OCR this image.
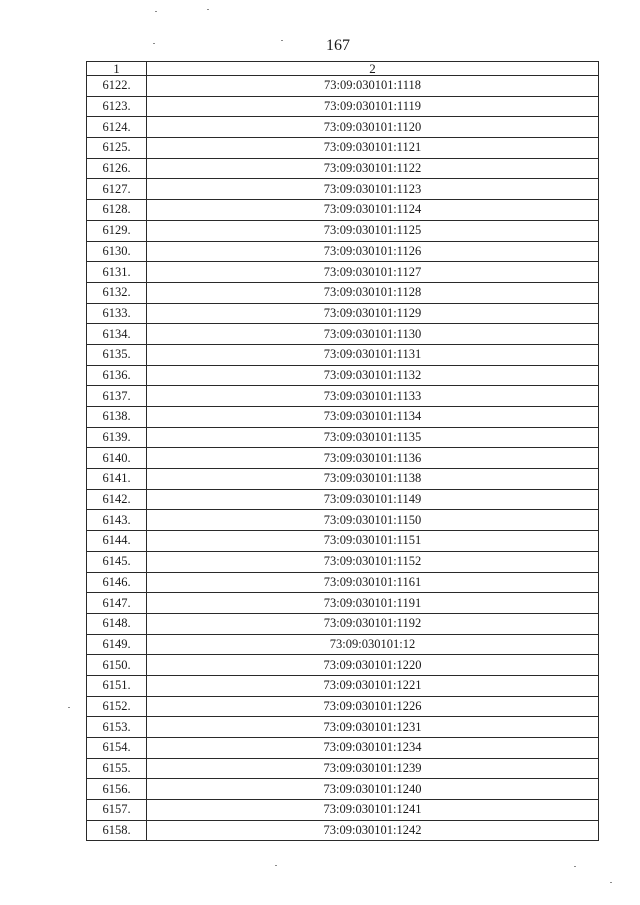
167
1	2
6122.	73:09:030101:1118
6123.	73:09:030101:1119
6124.	73:09:030101:1120
6125.	73:09:030101:1121
6126.	73:09:030101:1122
6127.	73:09:030101:1123
6128.	73:09:030101:1124
6129.	73:09:030101:1125
6130.	73:09:030101:1126
6131.	73:09:030101:1127
6132.	73:09:030101:1128
6133.	73:09:030101:1129
6134.	73:09:030101:1130
6135.	73:09:030101:1131
6136.	73:09:030101:1132
6137.	73:09:030101:1133
6138.	73:09:030101:1134
6139.	73:09:030101:1135
6140.	73:09:030101:1136
6141.	73:09:030101:1138
6142.	73:09:030101:1149
6143.	73:09:030101:1150
6144.	73:09:030101:1151
6145.	73:09:030101:1152
6146.	73:09:030101:1161
6147.	73:09:030101:1191
6148.	73:09:030101:1192
6149.	73:09:030101:12
6150.	73:09:030101:1220
6151.	73:09:030101:1221
6152.	73:09:030101:1226
6153.	73:09:030101:1231
6154.	73:09:030101:1234
6155.	73:09:030101:1239
6156.	73:09:030101:1240
6157.	73:09:030101:1241
6158.	73:09:030101:1242
